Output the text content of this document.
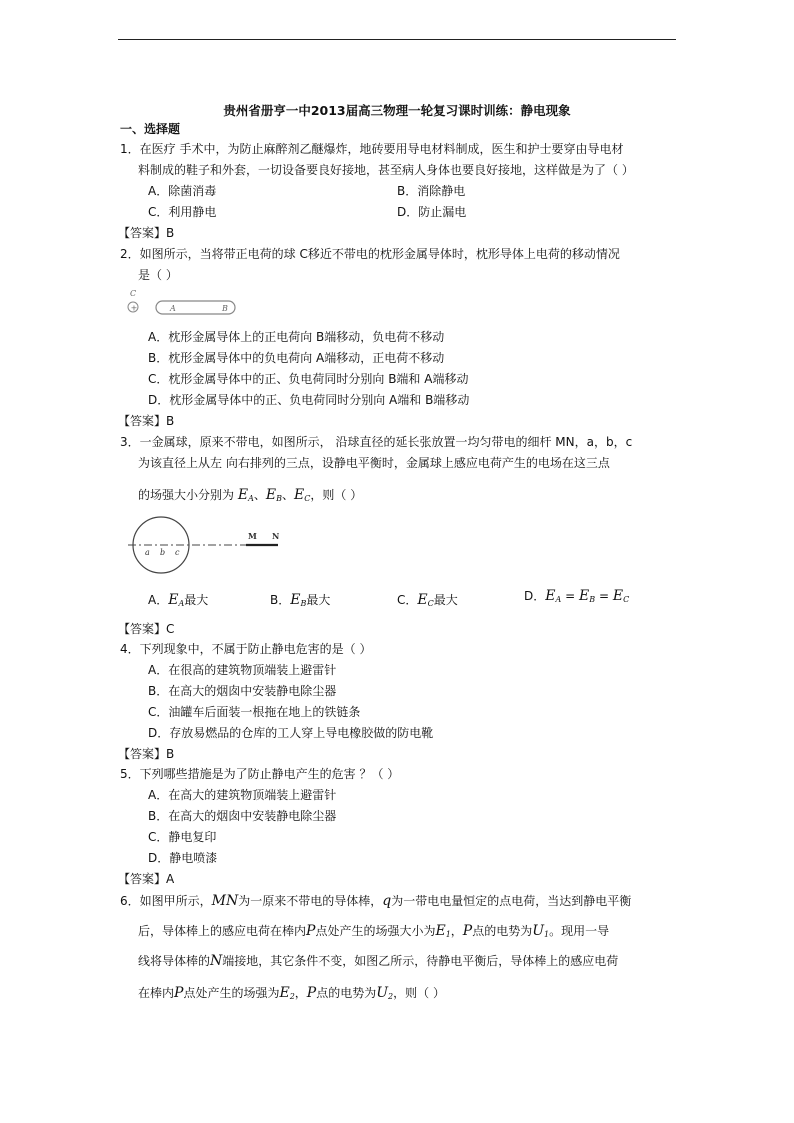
贵州省册亨一中2013届高三物理一轮复习课时训练：静电现象
一、选择题
1．在医疗 手术中，为防止麻醉剂乙醚爆炸，地砖要用导电材料制成，医生和护士要穿由导电材
料制成的鞋子和外套，一切设备要良好接地，甚至病人身体也要良好接地，这样做是为了（ ）
A．除菌消毒	B．消除静电
C．利用静电	D．防止漏电
【答案】B
2．如图所示，当将带正电荷的球 C移近不带电的枕形金属导体时，枕形导体上电荷的移动情况
是（ ）
C
+	A	B
A．枕形金属导体上的正电荷向 B端移动，负电荷不移动
B．枕形金属导体中的负电荷向 A端移动，正电荷不移动
C．枕形金属导体中的正、负电荷同时分别向 B端和 A端移动
D．枕形金属导体中的正、负电荷同时分别向 A端和 B端移动
【答案】B
3．一金属球，原来不带电，如图所示， 沿球直径的延长张放置一均匀带电的细杆 MN，a，b，c
为该直径上从左 向右排列的三点，设静电平衡时，金属球上感应电荷产生的电场在这三点
的场强大小分别为 $E_A$、$E_B$、$E_C$，则（ ）
M N
a b c
A．$E_A$最大	B．$E_B$最大	C．$E_C$最大	D．$E_A = E_B = E_C$
【答案】C
4．下列现象中，不属于防止静电危害的是（ ）
A．在很高的建筑物顶端装上避雷针
B．在高大的烟囱中安装静电除尘器
C．油罐车后面装一根拖在地上的铁链条
D．存放易燃品的仓库的工人穿上导电橡胶做的防电靴
【答案】B
5．下列哪些措施是为了防止静电产生的危害 ？（ ）
A．在高大的建筑物顶端装上避雷针
B．在高大的烟囱中安装静电除尘器
C．静电复印
D．静电喷漆
【答案】A
6．如图甲所示，MN为一原来不带电的导体棒，q为一带电电量恒定的点电荷，当达到静电平衡
后，导体棒上的感应电荷在棒内P点处产生的场强大小为$E_1$，P点的电势为$U_1$。现用一导
线将导体棒的N端接地，其它条件不变，如图乙所示，待静电平衡后，导体棒上的感应电荷
在棒内P点处产生的场强为$E_2$，P点的电势为$U_2$，则（ ）
